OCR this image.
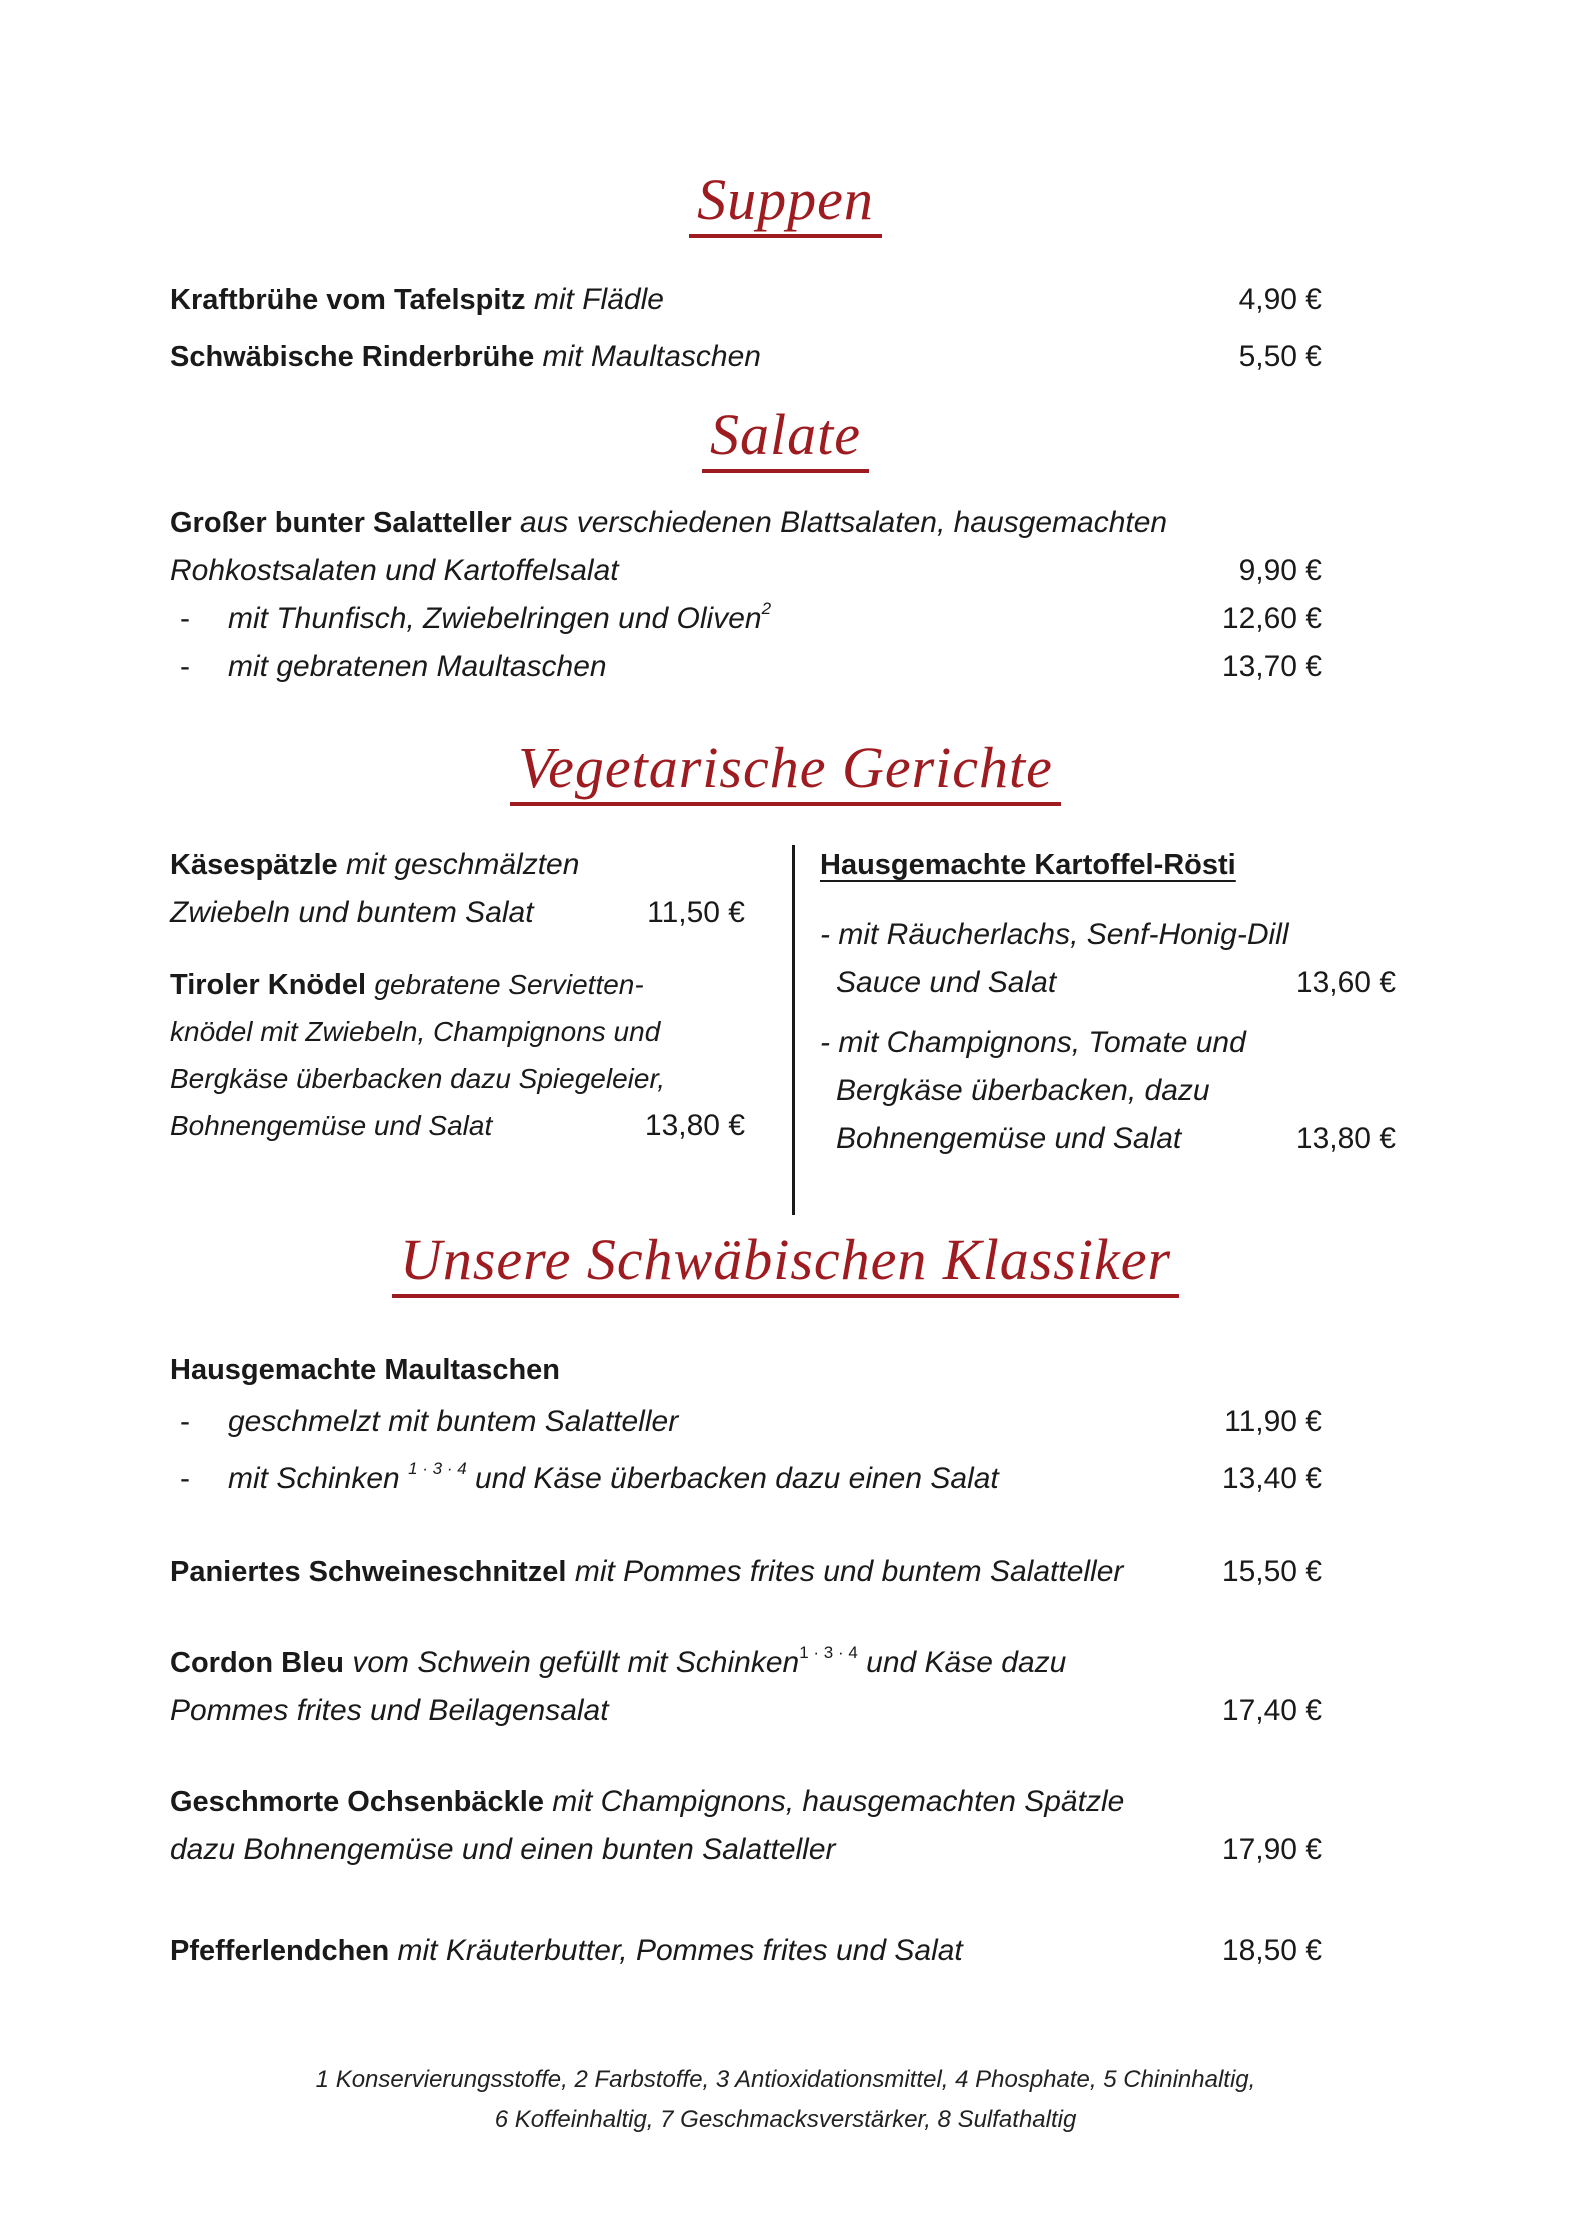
Suppen
Kraftbrühe vom Tafelspitz mit Flädle	4,90 €
Schwäbische Rinderbrühe mit Maultaschen	5,50 €
Salate
Großer bunter Salatteller aus verschiedenen Blattsalaten, hausgemachten
Rohkostsalaten und Kartoffelsalat	9,90 €
- mit Thunfisch, Zwiebelringen und Oliven$^2$	12,60 €
- mit gebratenen Maultaschen	13,70 €
Vegetarische Gerichte
Käsespätzle mit geschmälzten
Zwiebeln und buntem Salat	11,50 €
Tiroler Knödel gebratene Servietten-
knödel mit Zwiebeln, Champignons und
Bergkäse überbacken dazu Spiegeleier,
Bohnengemüse und Salat	13,80 €
Hausgemachte Kartoffel-Rösti
- mit Räucherlachs, Senf-Honig-Dill
Sauce und Salat	13,60 €
- mit Champignons, Tomate und
Bergkäse überbacken, dazu
Bohnengemüse und Salat	13,80 €
Unsere Schwäbischen Klassiker
Hausgemachte Maultaschen
- geschmelzt mit buntem Salatteller	11,90 €
- mit Schinken $^{1 \cdot 3 \cdot 4}$ und Käse überbacken dazu einen Salat	13,40 €
Paniertes Schweineschnitzel mit Pommes frites und buntem Salatteller	15,50 €
Cordon Bleu vom Schwein gefüllt mit Schinken$^{1 \cdot 3 \cdot 4}$ und Käse dazu
Pommes frites und Beilagensalat	17,40 €
Geschmorte Ochsenbäckle mit Champignons, hausgemachten Spätzle
dazu Bohnengemüse und einen bunten Salatteller	17,90 €
Pfefferlendchen mit Kräuterbutter, Pommes frites und Salat	18,50 €
1 Konservierungsstoffe, 2 Farbstoffe, 3 Antioxidationsmittel, 4 Phosphate, 5 Chininhaltig,
6 Koffeinhaltig, 7 Geschmacksverstärker, 8 Sulfathaltig
